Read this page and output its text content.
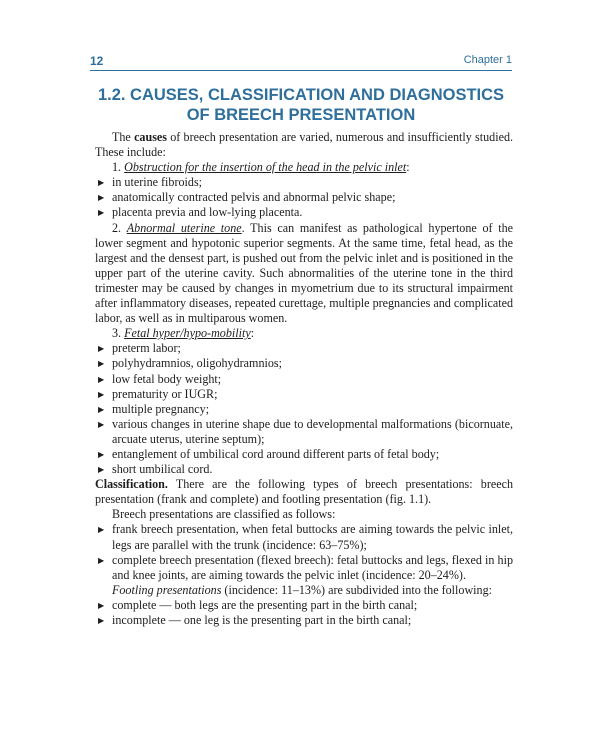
12	Chapter 1
1.2. CAUSES, CLASSIFICATION AND DIAGNOSTICS
OF BREECH PRESENTATION

The causes of breech presentation are varied, numerous and insufficiently studied. These include:

1. Obstruction for the insertion of the head in the pelvic inlet:

▶ in uterine fibroids;

▶ anatomically contracted pelvis and abnormal pelvic shape;

▶ placenta previa and low-lying placenta.

2. Abnormal uterine tone. This can manifest as pathological hypertone of the lower segment and hypotonic superior segments. At the same time, fetal head, as the largest and the densest part, is pushed out from the pelvic inlet and is positioned in the upper part of the uterine cavity. Such abnormalities of the uterine tone in the third trimester may be caused by changes in myometrium due to its structural impairment after inflammatory diseases, repeated curettage, multiple pregnancies and complicated labor, as well as in multiparous women.

3. Fetal hyper/hypo-mobility:

▶ preterm labor;

▶ polyhydramnios, oligohydramnios;

▶ low fetal body weight;

▶ prematurity or IUGR;

▶ multiple pregnancy;

▶ various changes in uterine shape due to developmental malformations (bicornuate, arcuate uterus, uterine septum);

▶ entanglement of umbilical cord around different parts of fetal body;

▶ short umbilical cord.

Classification. There are the following types of breech presentations: breech presentation (frank and complete) and footling presentation (fig. 1.1).

Breech presentations are classified as follows:

▶ frank breech presentation, when fetal buttocks are aiming towards the pelvic inlet, legs are parallel with the trunk (incidence: 63–75%);

▶ complete breech presentation (flexed breech): fetal buttocks and legs, flexed in hip and knee joints, are aiming towards the pelvic inlet (incidence: 20–24%).

Footling presentations (incidence: 11–13%) are subdivided into the following:

▶ complete — both legs are the presenting part in the birth canal;

▶ incomplete — one leg is the presenting part in the birth canal;
